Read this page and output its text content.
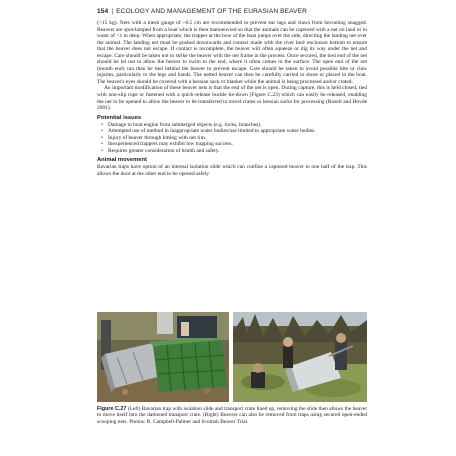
154 | ECOLOGY AND MANAGEMENT OF THE EURASIAN BEAVER

(<15 kg). Nets with a mesh gauge of ~0.5 cm are recommended to prevent ear tags and claws from becoming snagged. Beavers are spot-lamped from a boat which is then manoeuvred so that the animals can be captured with a net on land or in water of <1 m deep. When appropriate, the trapper at the bow of the boat jumps over the side, directing the landing net over the animal. The landing net must be pushed downwards and contact made with the river bed/ enclosure bottom to ensure that the beaver does not escape. If contact is incomplete, the beaver will often squeeze or dig its way under the net and escape. Care should be taken not to strike the beaver with the net frame in the process. Once secured, the tied end of the net should be let out to allow the beaver to swim to the end, where it often comes to the surface. The open end of the net (mouth end) can then be tied behind the beaver to prevent escape. Care should be taken to avoid possible bite or claw injuries, particularly to the legs and hands. The netted beaver can then be carefully carried to shore or placed in the boat. The beaver's eyes should be covered with a hessian sack or blanket while the animal is being processed and/or crated.

An important modification of these beaver nets is that the end of the net is open. During capture, this is held closed, tied with non-slip rope or fastened with a quick-release buckle tie-down (Figure C.23) which can easily be released, enabling the net to be opened to allow the beaver to be transferred to travel crates or hessian sacks for processing (Rosell and Hovde 2001).

Potential issues
• Damage to boat engine from submerged objects (e.g. rocks, branches).
• Attempted use of method in inappropriate water bodies/use limited to appropriate water bodies.
• Injury of beaver through hitting with net rim.
• Inexperienced trappers may exhibit low trapping success.
• Requires greater consideration of health and safety.
Animal movement

Bavarian traps have option of an internal isolation slide which can confine a captured beaver to one half of the trap. This allows the door at the other end to be opened safely

Figure C.27 (Left) Bavarian trap with isolation slide and transport crate lined up, removing the slide then allows the beaver to move itself into the darkened transport crate. (Right) Beavers can also be removed from traps using secured open-ended scooping nets. Photos: R. Campbell-Palmer and Scottish Beaver Trial.
